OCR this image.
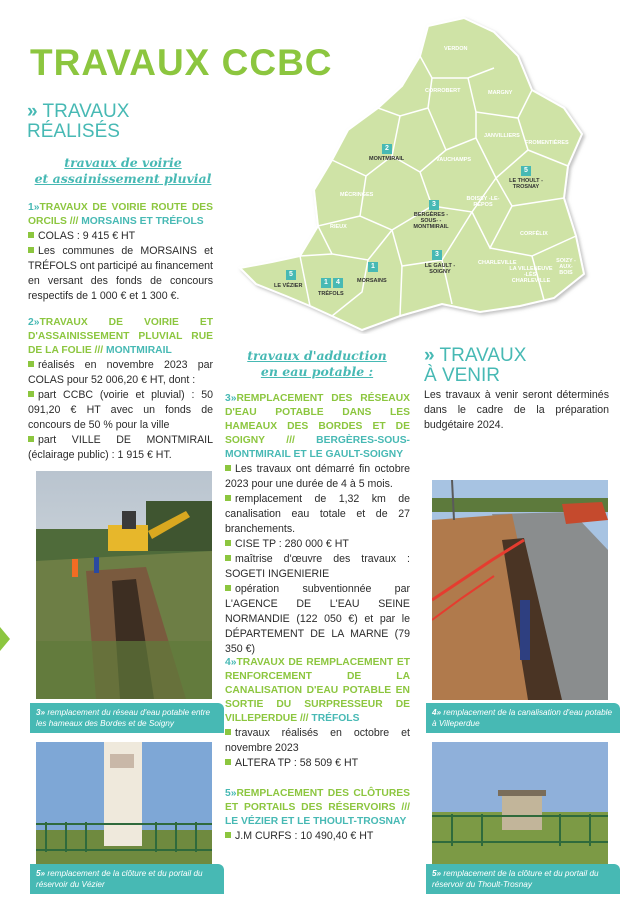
TRAVAUX CCBC	VERDON
CORROBERT	MARGNY
JANVILLIERS
FROMENTIÈRES
VAUCHAMPS
MÉCRINGES
LE THOULT -TROSNAY
BOISSY -LE-REPOS
RIEUX
CORFÉLIX
CHARLEVILLE
LA VILLENEUVE -LÈS-CHARLEVILLE
SOIZY -AUX-BOIS
2
MONTMIRAIL
5
3
BERGÈRES -SOUS- -MONTMIRAIL
3
LE GAULT -SOIGNY
5
LE VÉZIER	1	4
TRÉFOLS
1
MORSAINS
» TRAVAUX
RÉALISÉS
travaux de voirie
et assainissement pluvial
1»TRAVAUX DE VOIRIE ROUTE DES ORCILS /// MORSAINS ET TRÉFOLS
COLAS : 9 415 € HT
Les communes de MORSAINS et TRÉFOLS ont participé au financement en versant des fonds de concours respectifs de 1 000 € et 1 300 €.
2»TRAVAUX DE VOIRIE ET D'ASSAINISSEMENT PLUVIAL RUE DE LA FOLIE /// MONTMIRAIL
réalisés en novembre 2023 par COLAS pour 52 006,20 € HT, dont :
part CCBC (voirie et pluvial) : 50 091,20 € HT avec un fonds de concours de 50 % pour la ville
part VILLE DE MONTMIRAIL (éclairage public) : 1 915 € HT.
3» remplacement du réseau d'eau potable entre les hameaux des Bordes et de Soigny
5» remplacement de la clôture et du portail du réservoir du Vézier
travaux d'adduction
en eau potable :
3»REMPLACEMENT DES RÉSEAUX D'EAU POTABLE DANS LES HAMEAUX DES BORDES ET DE SOIGNY /// BERGÈRES-SOUS-MONTMIRAIL ET LE GAULT-SOIGNY
Les travaux ont démarré fin octobre 2023 pour une durée de 4 à 5 mois.
remplacement de 1,32 km de canalisation eau totale et de 27 branchements.
CISE TP : 280 000 € HT
maîtrise d'œuvre des travaux : SOGETI INGENIERIE
opération subventionnée par L'AGENCE DE L'EAU SEINE NORMANDIE (122 050 €) et par le DÉPARTEMENT DE LA MARNE (79 350 €)
4»TRAVAUX DE REMPLACEMENT ET RENFORCEMENT DE LA CANALISATION D'EAU POTABLE EN SORTIE DU SURPRESSEUR DE VILLEPERDUE /// TRÉFOLS
travaux réalisés en octobre et novembre 2023
ALTERA TP : 58 509 € HT
5»REMPLACEMENT DES CLÔTURES ET PORTAILS DES RÉSERVOIRS /// LE VÉZIER ET LE THOULT-TROSNAY
J.M CURFS : 10 490,40 € HT
» TRAVAUX
À VENIR
Les travaux à venir seront déterminés dans le cadre de la préparation budgétaire 2024.
4» remplacement de la canalisation d'eau potable à Villeperdue
5» remplacement de la clôture et du portail du réservoir du Thoult-Trosnay
